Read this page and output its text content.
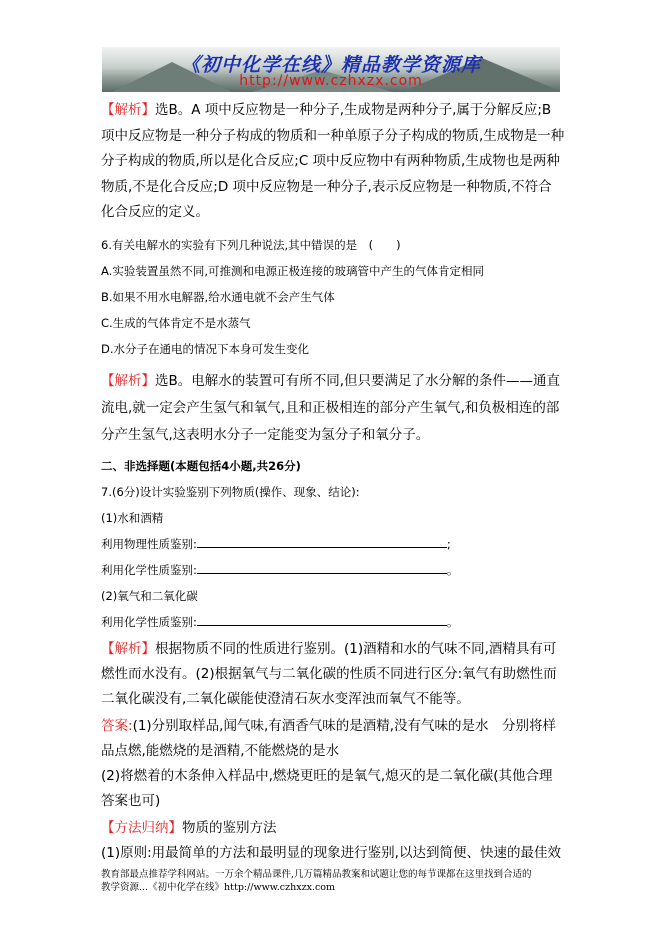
《初中化学在线》精品教学资源库
http://www.czhxzx.com

【解析】选B。A 项中反应物是一种分子,生成物是两种分子,属于分解反应;B

项中反应物是一种分子构成的物质和一种单原子分子构成的物质,生成物是一种

分子构成的物质,所以是化合反应;C 项中反应物中有两种物质,生成物也是两种

物质,不是化合反应;D 项中反应物是一种分子,表示反应物是一种物质,不符合

化合反应的定义。

6.有关电解水的实验有下列几种说法,其中错误的是　(　　)

A.实验装置虽然不同,可推测和电源正极连接的玻璃管中产生的气体肯定相同

B.如果不用水电解器,给水通电就不会产生气体

C.生成的气体肯定不是水蒸气

D.水分子在通电的情况下本身可发生变化

【解析】选B。电解水的装置可有所不同,但只要满足了水分解的条件——通直

流电,就一定会产生氢气和氧气,且和正极相连的部分产生氧气,和负极相连的部

分产生氢气,这表明水分子一定能变为氢分子和氧分子。

二、非选择题(本题包括4小题,共26分)

7.(6分)设计实验鉴别下列物质(操作、现象、结论):

(1)水和酒精

利用物理性质鉴别:	;

利用化学性质鉴别:	。

(2)氧气和二氧化碳

利用化学性质鉴别:	。

【解析】根据物质不同的性质进行鉴别。(1)酒精和水的气味不同,酒精具有可

燃性而水没有。(2)根据氧气与二氧化碳的性质不同进行区分:氧气有助燃性而

二氧化碳没有,二氧化碳能使澄清石灰水变浑浊而氧气不能等。

答案:(1)分别取样品,闻气味,有酒香气味的是酒精,没有气味的是水　分别将样

品点燃,能燃烧的是酒精,不能燃烧的是水

(2)将燃着的木条伸入样品中,燃烧更旺的是氧气,熄灭的是二氧化碳(其他合理

答案也可)

【方法归纳】物质的鉴别方法

(1)原则:用最简单的方法和最明显的现象进行鉴别,以达到简便、快速的最佳效

教育部最点推荐学科网站。一万余个精品课件,几万篇精品教案和试题让您的每节课都在这里找到合适的

教学资源...《初中化学在线》http://www.czhxzx.com
